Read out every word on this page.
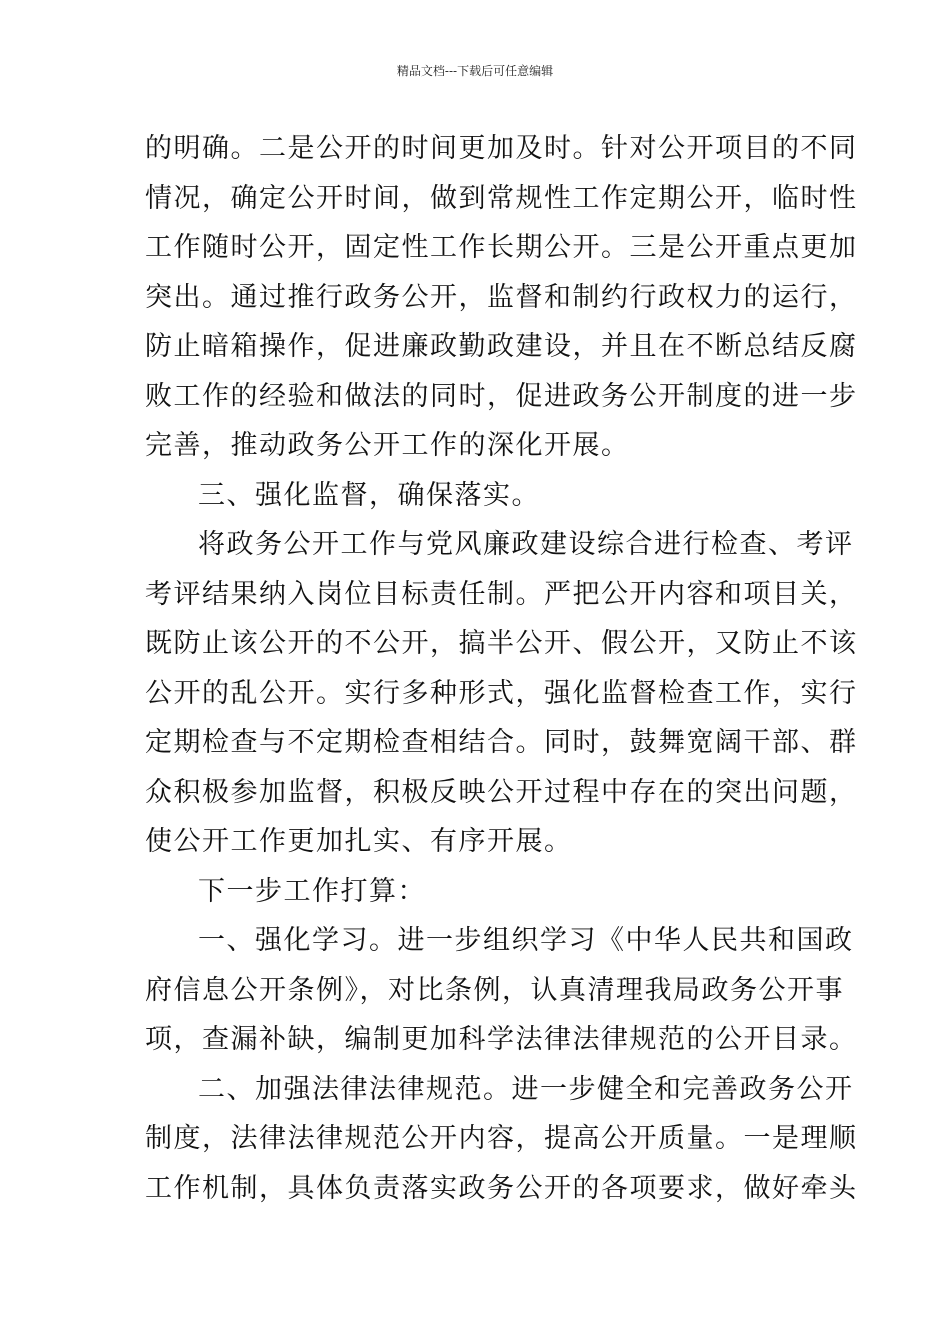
精品文档---下载后可任意编辑
的明确。二是公开的时间更加及时。针对公开项目的不同
情况，确定公开时间，做到常规性工作定期公开，临时性
工作随时公开，固定性工作长期公开。三是公开重点更加
突出。通过推行政务公开，监督和制约行政权力的运行，
防止暗箱操作，促进廉政勤政建设，并且在不断总结反腐
败工作的经验和做法的同时，促进政务公开制度的进一步
完善，推动政务公开工作的深化开展。
三、强化监督，确保落实。
将政务公开工作与党风廉政建设综合进行检查、考评
考评结果纳入岗位目标责任制。严把公开内容和项目关，
既防止该公开的不公开，搞半公开、假公开，又防止不该
公开的乱公开。实行多种形式，强化监督检查工作，实行
定期检查与不定期检查相结合。同时，鼓舞宽阔干部、群
众积极参加监督，积极反映公开过程中存在的突出问题，
使公开工作更加扎实、有序开展。
下一步工作打算：
一、强化学习。进一步组织学习《中华人民共和国政
府信息公开条例》，对比条例，认真清理我局政务公开事
项，查漏补缺，编制更加科学法律法律规范的公开目录。
二、加强法律法律规范。进一步健全和完善政务公开
制度，法律法律规范公开内容，提高公开质量。一是理顺
工作机制，具体负责落实政务公开的各项要求，做好牵头
